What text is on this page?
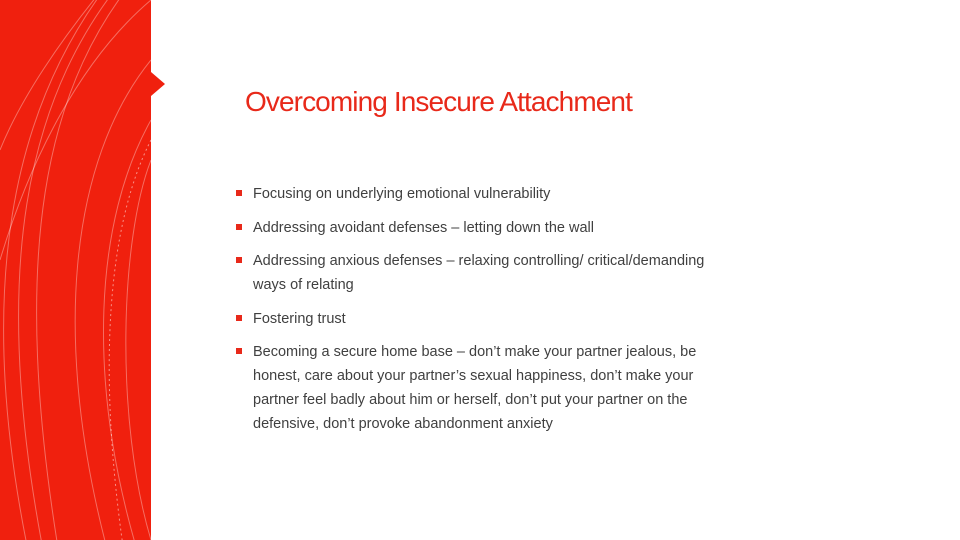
Overcoming Insecure Attachment
Focusing on underlying emotional vulnerability
Addressing avoidant defenses – letting down the wall
Addressing anxious defenses – relaxing controlling/ critical/demanding ways of relating
Fostering trust
Becoming a secure home base – don’t make your partner jealous, be honest, care about your partner’s sexual happiness, don’t make your partner feel badly about him or herself, don’t put your partner on the defensive, don’t provoke abandonment anxiety
